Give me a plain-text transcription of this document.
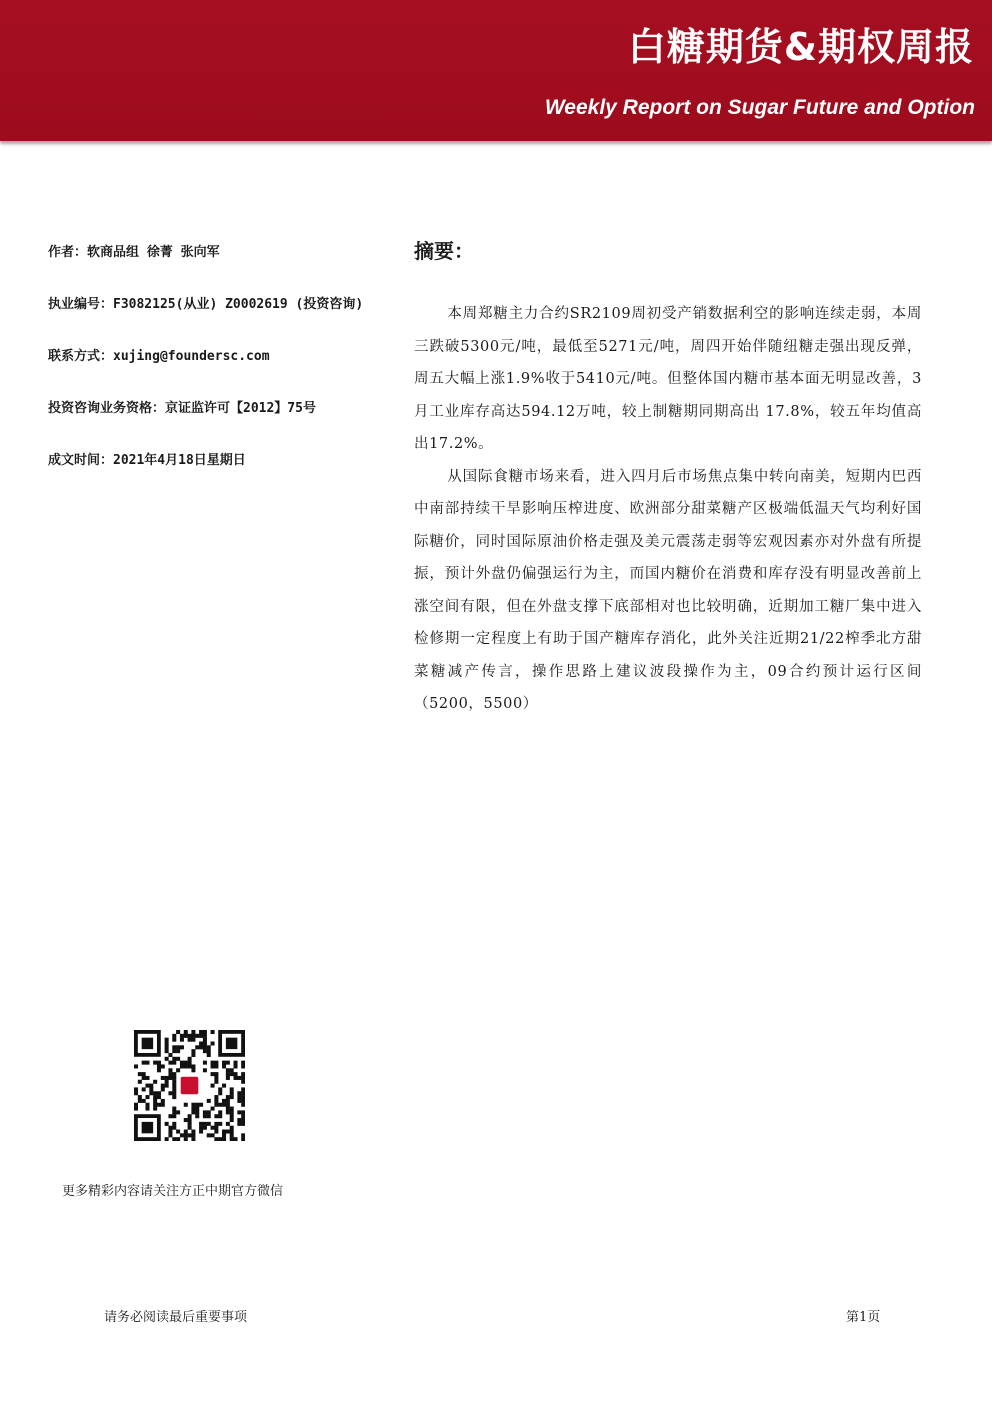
白糖期货&期权周报
Weekly Report on Sugar Future and Option
作者：软商品组 徐菁 张向军
执业编号：F3082125(从业) Z0002619 (投资咨询)
联系方式：xujing@foundersc.com
投资咨询业务资格：京证监许可【2012】75号
成文时间：2021年4月18日星期日
摘要：

本周郑糖主力合约SR2109周初受产销数据利空的影响连续走弱，本周三跌破5300元/吨，最低至5271元/吨，周四开始伴随纽糖走强出现反弹，周五大幅上涨1.9%收于5410元/吨。但整体国内糖市基本面无明显改善，3月工业库存高达594.12万吨，较上制糖期同期高出 17.8%，较五年均值高出17.2%。

从国际食糖市场来看，进入四月后市场焦点集中转向南美，短期内巴西中南部持续干旱影响压榨进度、欧洲部分甜菜糖产区极端低温天气均利好国际糖价，同时国际原油价格走强及美元震荡走弱等宏观因素亦对外盘有所提振，预计外盘仍偏强运行为主，而国内糖价在消费和库存没有明显改善前上涨空间有限，但在外盘支撑下底部相对也比较明确，近期加工糖厂集中进入检修期一定程度上有助于国产糖库存消化，此外关注近期21/22榨季北方甜菜糖减产传言，操作思路上建议波段操作为主，09合约预计运行区间（5200，5500）

更多精彩内容请关注方正中期官方微信
请务必阅读最后重要事项	第1页
